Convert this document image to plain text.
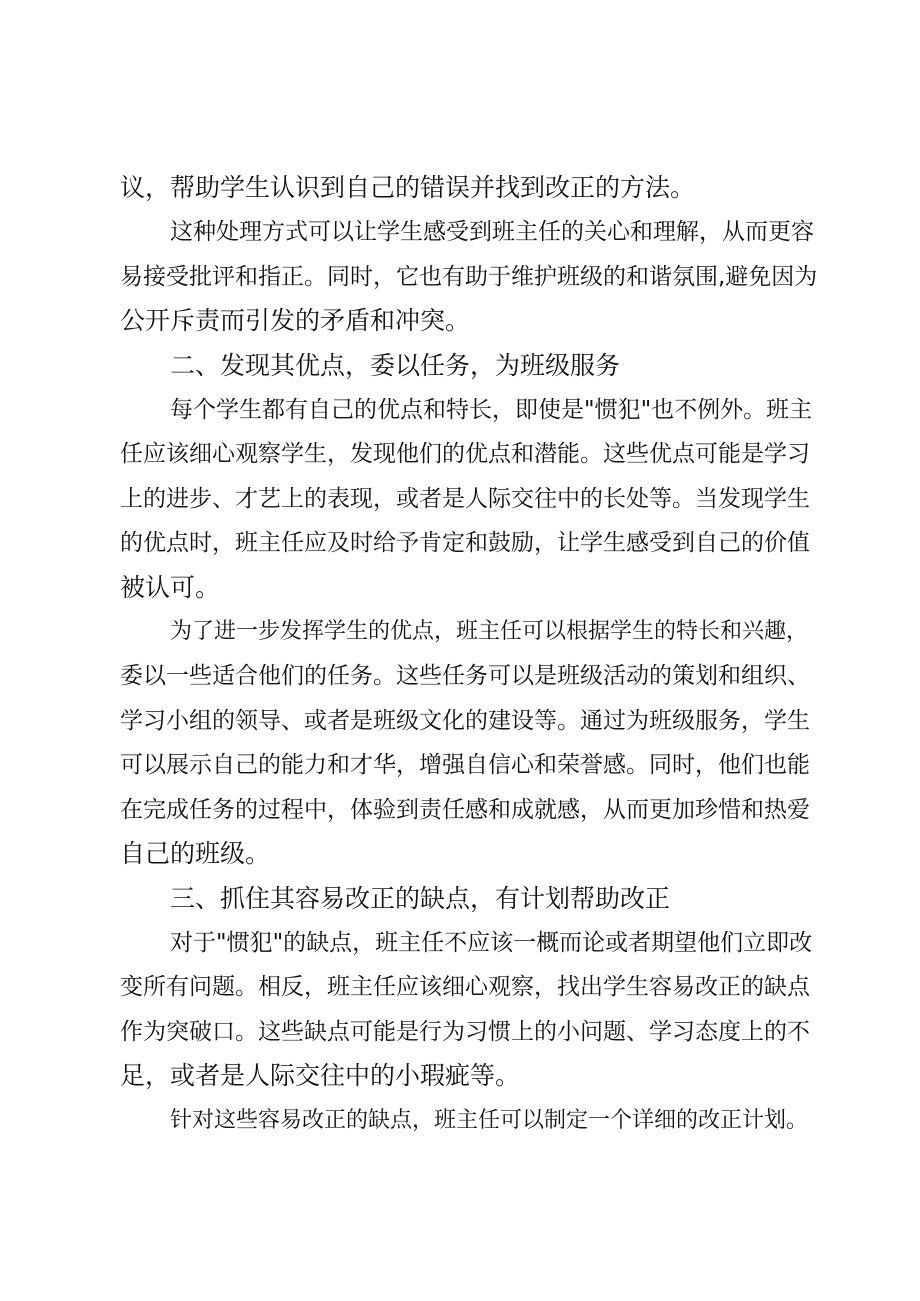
议，帮助学生认识到自己的错误并找到改正的方法。

这种处理方式可以让学生感受到班主任的关心和理解，从而更容
易接受批评和指正。同时，它也有助于维护班级的和谐氛围,避免因为
公开斥责而引发的矛盾和冲突。

二、发现其优点，委以任务，为班级服务

每个学生都有自己的优点和特长，即使是"惯犯"也不例外。班主
任应该细心观察学生，发现他们的优点和潜能。这些优点可能是学习
上的进步、才艺上的表现，或者是人际交往中的长处等。当发现学生
的优点时，班主任应及时给予肯定和鼓励，让学生感受到自己的价值
被认可。

为了进一步发挥学生的优点，班主任可以根据学生的特长和兴趣，
委以一些适合他们的任务。这些任务可以是班级活动的策划和组织、
学习小组的领导、或者是班级文化的建设等。通过为班级服务，学生
可以展示自己的能力和才华，增强自信心和荣誉感。同时，他们也能
在完成任务的过程中，体验到责任感和成就感，从而更加珍惜和热爱
自己的班级。

三、抓住其容易改正的缺点，有计划帮助改正

对于"惯犯"的缺点，班主任不应该一概而论或者期望他们立即改
变所有问题。相反，班主任应该细心观察，找出学生容易改正的缺点
作为突破口。这些缺点可能是行为习惯上的小问题、学习态度上的不
足，或者是人际交往中的小瑕疵等。

针对这些容易改正的缺点，班主任可以制定一个详细的改正计划。
